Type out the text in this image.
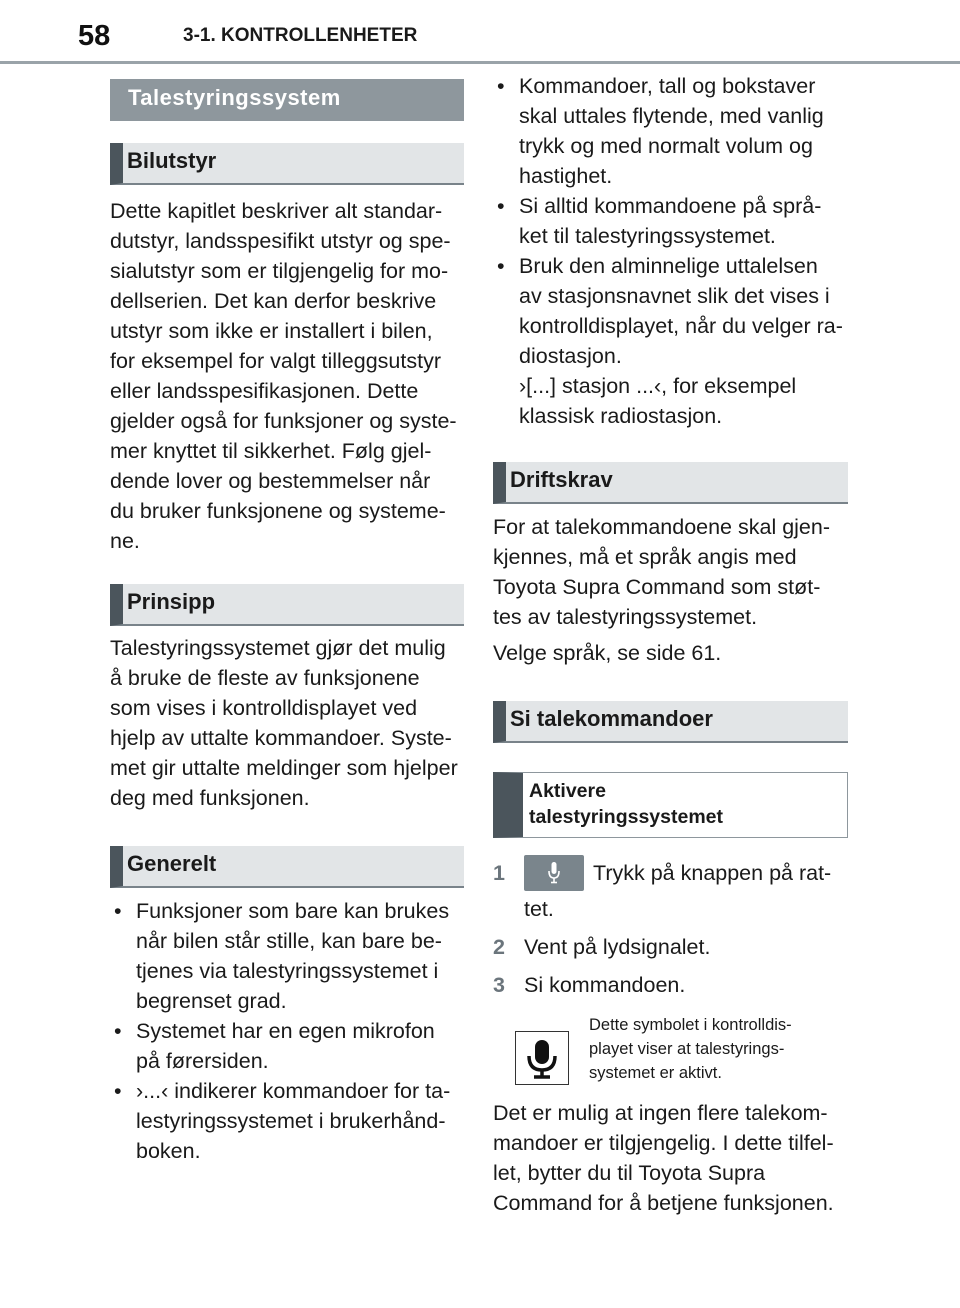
58	3-1. KONTROLLENHETER
Talestyringssystem
Bilutstyr
Dette kapitlet beskriver alt standar-
dutstyr, landsspesifikt utstyr og spe-
sialutstyr som er tilgjengelig for mo-
dellserien. Det kan derfor beskrive
utstyr som ikke er installert i bilen,
for eksempel for valgt tilleggsutstyr
eller landsspesifikasjonen. Dette
gjelder også for funksjoner og syste-
mer knyttet til sikkerhet. Følg gjel-
dende lover og bestemmelser når
du bruker funksjonene og systeme-
ne.
Prinsipp
Talestyringssystemet gjør det mulig
å bruke de fleste av funksjonene
som vises i kontrolldisplayet ved
hjelp av uttalte kommandoer. Syste-
met gir uttalte meldinger som hjelper
deg med funksjonen.
Generelt
• Funksjoner som bare kan brukes
når bilen står stille, kan bare be-
tjenes via talestyringssystemet i
begrenset grad.
• Systemet har en egen mikrofon
på førersiden.
• ›...‹ indikerer kommandoer for ta-
lestyringssystemet i brukerhånd-
boken.
• Kommandoer, tall og bokstaver
skal uttales flytende, med vanlig
trykk og med normalt volum og
hastighet.
• Si alltid kommandoene på språ-
ket til talestyringssystemet.
• Bruk den alminnelige uttalelsen
av stasjonsnavnet slik det vises i
kontrolldisplayet, når du velger ra-
diostasjon.
›[...] stasjon ...‹, for eksempel
klassisk radiostasjon.
Driftskrav
For at talekommandoene skal gjen-
kjennes, må et språk angis med
Toyota Supra Command som støt-
tes av talestyringssystemet.
Velge språk, se side 61.
Si talekommandoer
Aktivere
talestyringssystemet
1	Trykk på knappen på rat-
tet.
2 Vent på lydsignalet.
3 Si kommandoen.
Dette symbolet i kontrolldis-
playet viser at talestyrings-
systemet er aktivt.
Det er mulig at ingen flere talekom-
mandoer er tilgjengelig. I dette tilfel-
let, bytter du til Toyota Supra
Command for å betjene funksjonen.
